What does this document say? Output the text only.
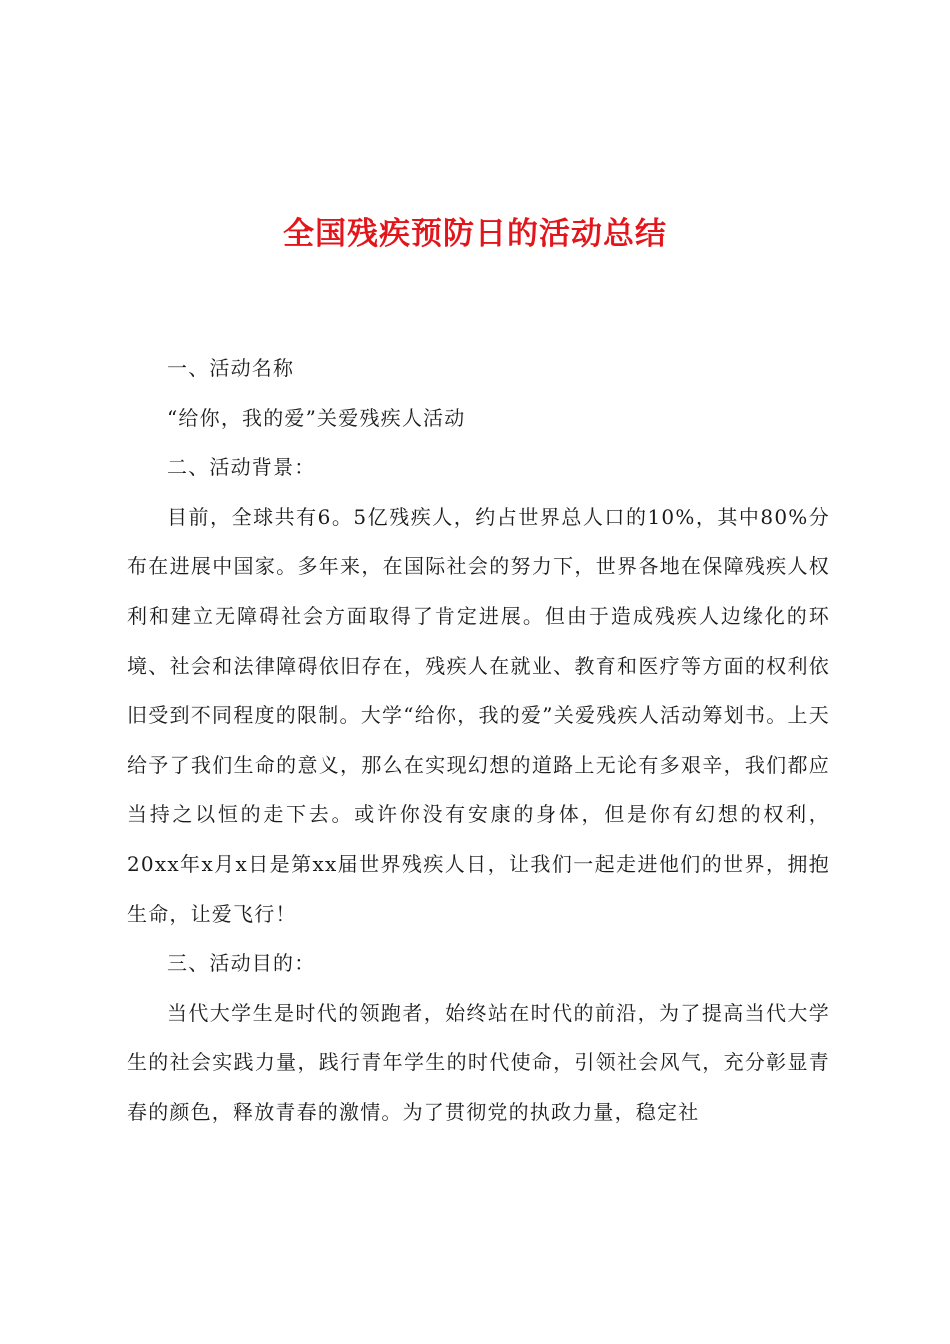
全国残疾预防日的活动总结

一、活动名称

“给你，我的爱”关爱残疾人活动

二、活动背景：

目前，全球共有6。5亿残疾人，约占世界总人口的10%，其中80%分布在进展中国家。多年来，在国际社会的努力下，世界各地在保障残疾人权利和建立无障碍社会方面取得了肯定进展。但由于造成残疾人边缘化的环境、社会和法律障碍依旧存在，残疾人在就业、教育和医疗等方面的权利依旧受到不同程度的限制。大学“给你，我的爱”关爱残疾人活动筹划书。上天给予了我们生命的意义，那么在实现幻想的道路上无论有多艰辛，我们都应当持之以恒的走下去。或许你没有安康的身体，但是你有幻想的权利，20xx年x月x日是第xx届世界残疾人日，让我们一起走进他们的世界，拥抱生命，让爱飞行！

三、活动目的：

当代大学生是时代的领跑者，始终站在时代的前沿，为了提高当代大学生的社会实践力量，践行青年学生的时代使命，引领社会风气，充分彰显青春的颜色，释放青春的激情。为了贯彻党的执政力量，稳定社
